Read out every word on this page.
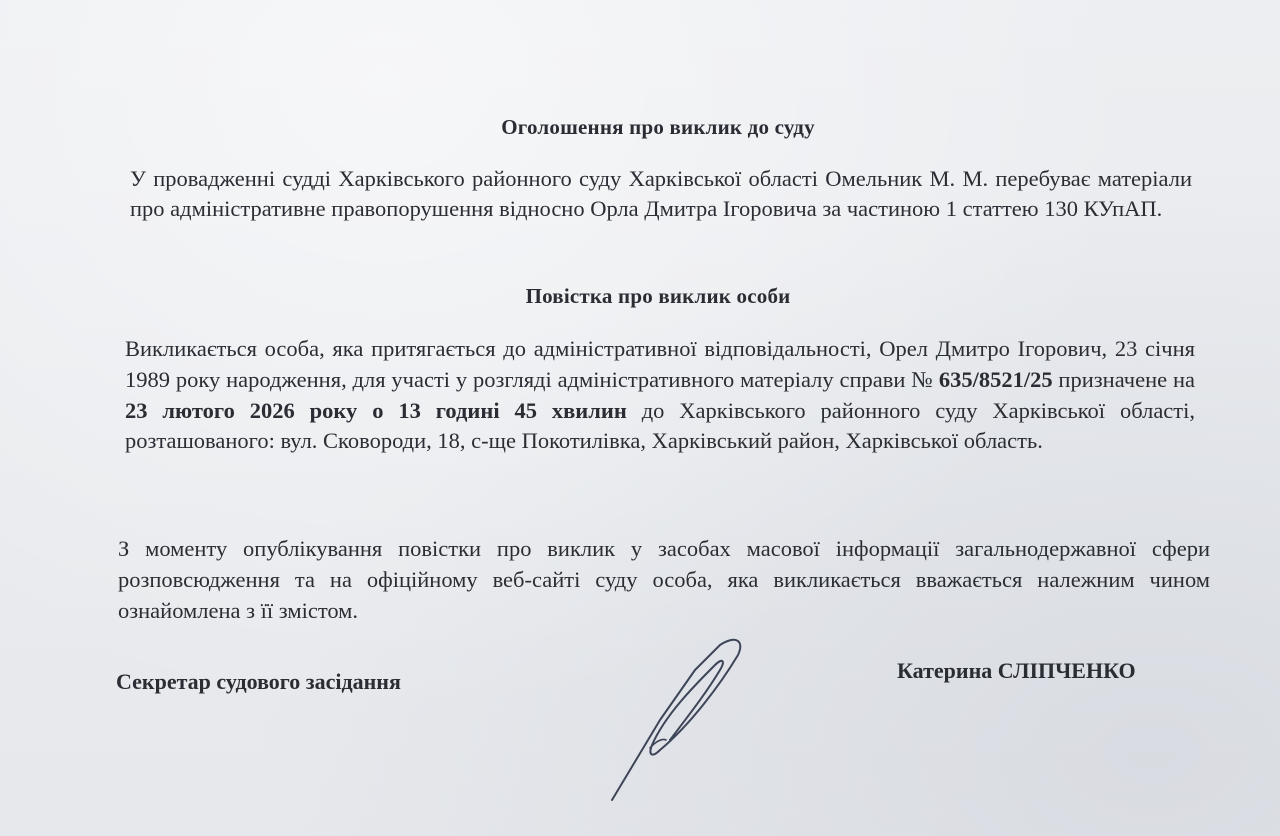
Оголошення про виклик до суду
У провадженні судді Харківського районного суду Харківської області Омельник М. М. перебуває матеріали про адміністративне правопорушення відносно Орла Дмитра Ігоровича за частиною 1 статтею 130 КУпАП.
Повістка про виклик особи
Викликається особа, яка притягається до адміністративної відповідальності, Орел Дмитро Ігорович, 23 січня 1989 року народження, для участі у розгляді адміністративного матеріалу справи № 635/8521/25 призначене на 23 лютого 2026 року о 13 годині 45 хвилин до Харківського районного суду Харківської області, розташованого: вул. Сковороди, 18, с-ще Покотилівка, Харківський район, Харківської область.
З моменту опублікування повістки про виклик у засобах масової інформації загальнодержавної сфери розповсюдження та на офіційному веб-сайті суду особа, яка викликається вважається належним чином ознайомлена з її змістом.
Секретар судового засідання	Катерина СЛІПЧЕНКО
